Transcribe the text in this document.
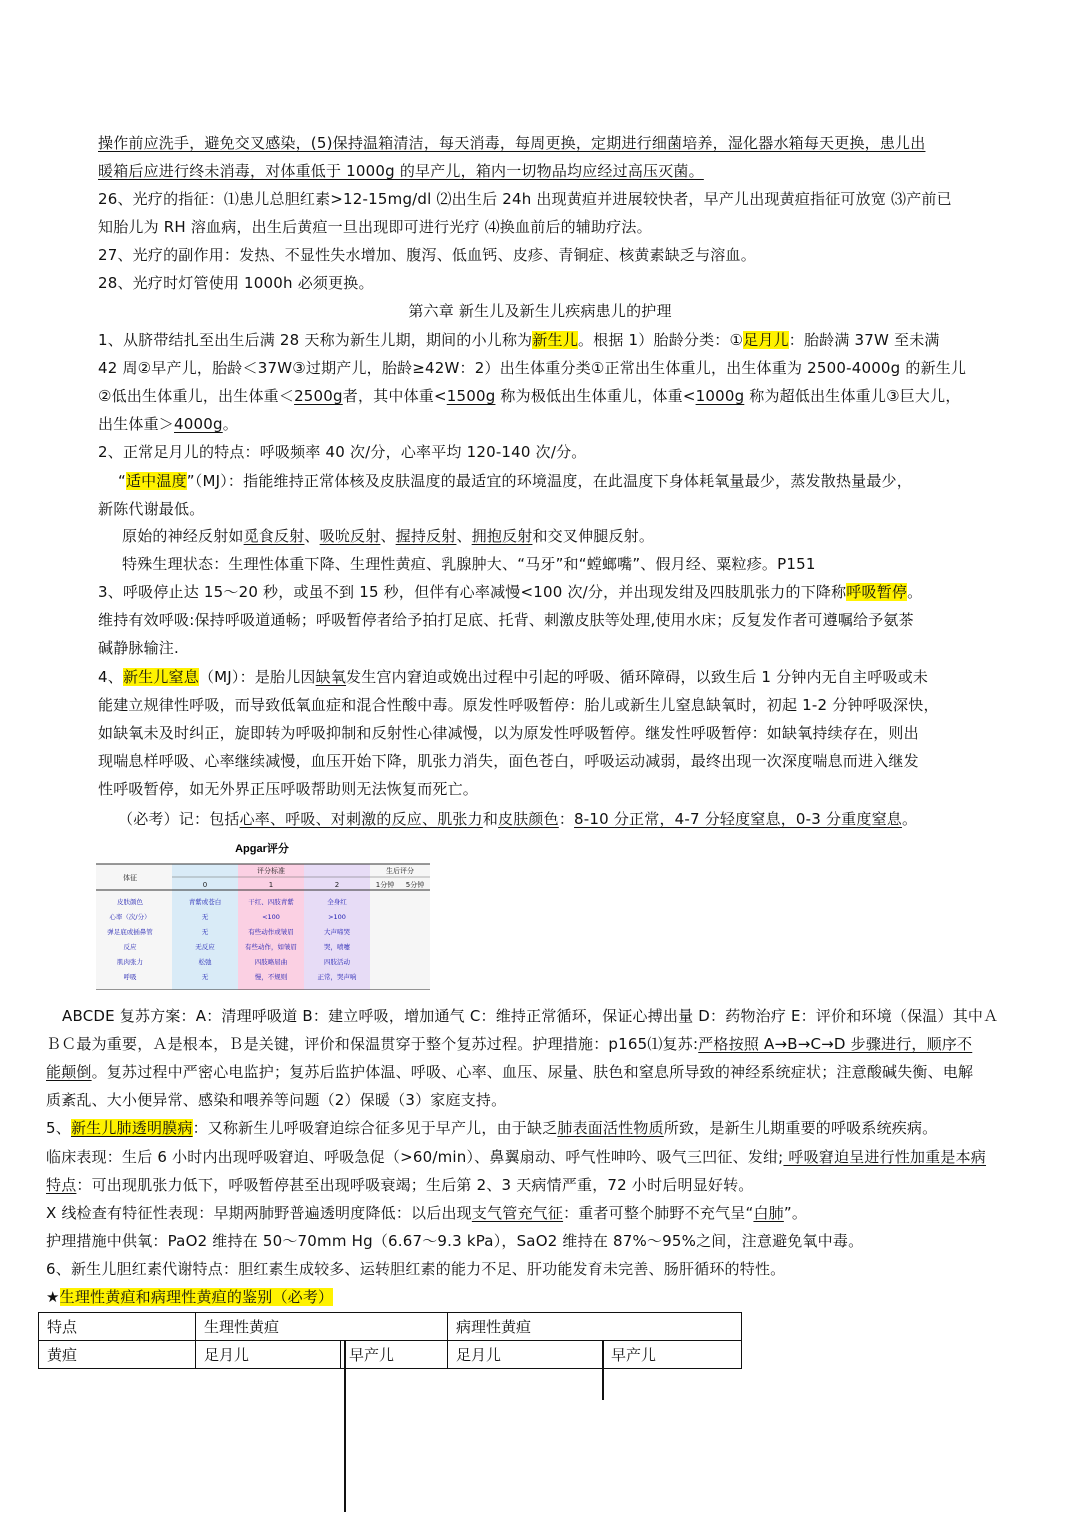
操作前应洗手，避免交叉感染，(5)保持温箱清洁，每天消毒，每周更换，定期进行细菌培养，湿化器水箱每天更换，患儿出
暖箱后应进行终未消毒，对体重低于 1000g 的早产儿，箱内一切物品均应经过高压灭菌。
26、光疗的指征：⑴患儿总胆红素>12-15mg/dl ⑵出生后 24h 出现黄疸并进展较快者，早产儿出现黄疸指征可放宽 ⑶产前已
知胎儿为 RH 溶血病，出生后黄疸一旦出现即可进行光疗 ⑷换血前后的辅助疗法。
27、光疗的副作用：发热、不显性失水增加、腹泻、低血钙、皮疹、青铜症、核黄素缺乏与溶血。
28、光疗时灯管使用 1000h 必须更换。
第六章 新生儿及新生儿疾病患儿的护理
1、从脐带结扎至出生后满 28 天称为新生儿期，期间的小儿称为新生儿。根据 1）胎龄分类：①足月儿：胎龄满 37W 至未满
42 周②早产儿，胎龄＜37W③过期产儿，胎龄≥42W：2）出生体重分类①正常出生体重儿，出生体重为 2500-4000g 的新生儿
②低出生体重儿，出生体重＜2500g者，其中体重<1500g 称为极低出生体重儿，体重<1000g 称为超低出生体重儿③巨大儿，
出生体重＞4000g。
2、正常足月儿的特点：呼吸频率 40 次/分，心率平均 120-140 次/分。
“适中温度”（MJ）：指能维持正常体核及皮肤温度的最适宜的环境温度，在此温度下身体耗氧量最少，蒸发散热量最少，
新陈代谢最低。
原始的神经反射如觅食反射、吸吮反射、握持反射、拥抱反射和交叉伸腿反射。
特殊生理状态：生理性体重下降、生理性黄疸、乳腺肿大、“马牙”和“螳螂嘴”、假月经、粟粒疹。P151
3、呼吸停止达 15～20 秒，或虽不到 15 秒，但伴有心率减慢<100 次/分，并出现发绀及四肢肌张力的下降称呼吸暂停。
维持有效呼吸:保持呼吸道通畅；呼吸暂停者给予拍打足底、托背、刺激皮肤等处理,使用水床；反复发作者可遵嘱给予氨茶
碱静脉输注.
4、新生儿窒息（MJ）：是胎儿因缺氧发生宫内窘迫或娩出过程中引起的呼吸、循环障碍，以致生后 1 分钟内无自主呼吸或未
能建立规律性呼吸，而导致低氧血症和混合性酸中毒。原发性呼吸暂停：胎儿或新生儿窒息缺氧时，初起 1-2 分钟呼吸深快，
如缺氧未及时纠正，旋即转为呼吸抑制和反射性心律减慢，以为原发性呼吸暂停。继发性呼吸暂停：如缺氧持续存在，则出
现喘息样呼吸、心率继续减慢，血压开始下降，肌张力消失，面色苍白，呼吸运动减弱，最终出现一次深度喘息而进入继发
性呼吸暂停，如无外界正压呼吸帮助则无法恢复而死亡。
（必考）记：包括心率、呼吸、对刺激的反应、肌张力和皮肤颜色：8-10 分正常，4-7 分轻度窒息，0-3 分重度窒息。
Apgar评分
体征
评分标准	生后评分
0	1	2	1分钟 5分钟
皮肤颜色	青紫或苍白	干红、四肢青紫	全身红
心率（次/分）	无	<100	>100
弹足底或插鼻管	无	有些动作或皱眉	大声啼哭
反应	无反应	有些动作，如皱眉	哭，喷嚏
肌肉张力	松弛	四肢略屈曲	四肢活动
呼吸	无	慢，不规则	正常，哭声响
ABCDE 复苏方案：A：清理呼吸道 B：建立呼吸，增加通气 C：维持正常循环，保证心搏出量 D：药物治疗 E：评价和环境（保温）其中Ａ
ＢＣ最为重要，Ａ是根本，Ｂ是关键，评价和保温贯穿于整个复苏过程。护理措施：p165⑴复苏:严格按照 A→B→C→D 步骤进行，顺序不
能颠倒。复苏过程中严密心电监护；复苏后监护体温、呼吸、心率、血压、尿量、肤色和窒息所导致的神经系统症状；注意酸碱失衡、电解
质紊乱、大小便异常、感染和喂养等问题（2）保暖（3）家庭支持。
5、新生儿肺透明膜病：又称新生儿呼吸窘迫综合征多见于早产儿，由于缺乏肺表面活性物质所致，是新生儿期重要的呼吸系统疾病。
临床表现：生后 6 小时内出现呼吸窘迫、呼吸急促（>60/min）、鼻翼扇动、呼气性呻吟、吸气三凹征、发绀; 呼吸窘迫呈进行性加重是本病
特点：可出现肌张力低下，呼吸暂停甚至出现呼吸衰竭；生后第 2、3 天病情严重，72 小时后明显好转。
X 线检查有特征性表现：早期两肺野普遍透明度降低：以后出现支气管充气征：重者可整个肺野不充气呈“白肺”。
护理措施中供氧：PaO2 维持在 50～70mm Hg（6.67～9.3 kPa），SaO2 维持在 87%～95%之间，注意避免氧中毒。
6、新生儿胆红素代谢特点：胆红素生成较多、运转胆红素的能力不足、肝功能发育未完善、肠肝循环的特性。
★生理性黄疸和病理性黄疸的鉴别（必考）
特点	生理性黄疸		病理性黄疸	
黄疸	足月儿	早产儿	足月儿	早产儿
